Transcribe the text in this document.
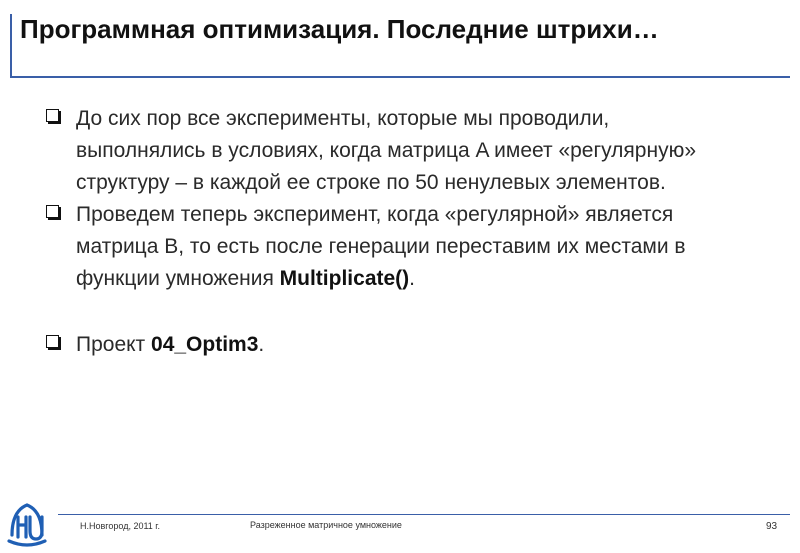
Программная оптимизация. Последние штрихи…
До сих пор все эксперименты, которые мы проводили, выполнялись в условиях, когда матрица A имеет «регулярную» структуру – в каждой ее строке по 50 ненулевых элементов.
Проведем теперь эксперимент, когда «регулярной» является матрица B, то есть после генерации переставим их местами в функции умножения Multiplicate().
Проект 04_Optim3.
Н.Новгород, 2011 г.	Разреженное матричное умножение	93
